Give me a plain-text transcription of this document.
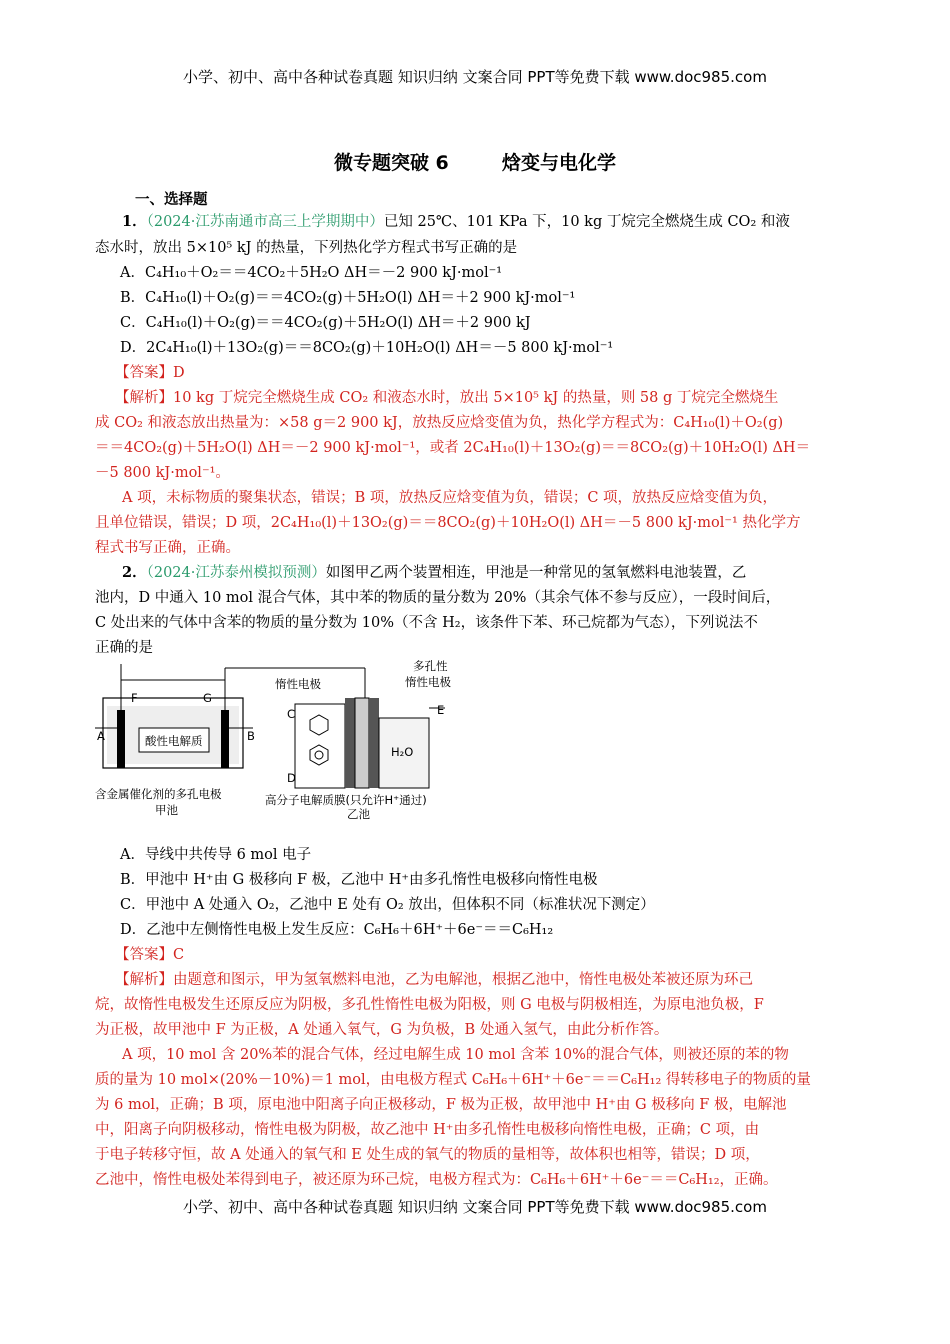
小学、初中、高中各种试卷真题 知识归纳 文案合同 PPT等免费下载 www.doc985.com
微专题突破 6	焓变与电化学
一、选择题
1．（2024·江苏南通市高三上学期期中）已知 25℃、101 KPa 下，10 kg 丁烷完全燃烧生成 CO₂ 和液
态水时，放出 5×10⁵ kJ 的热量，下列热化学方程式书写正确的是
A．C₄H₁₀＋O₂＝＝4CO₂＋5H₂O ΔH＝－2 900 kJ·mol⁻¹
B．C₄H₁₀(l)＋O₂(g)＝＝4CO₂(g)＋5H₂O(l) ΔH＝＋2 900 kJ·mol⁻¹
C．C₄H₁₀(l)＋O₂(g)＝＝4CO₂(g)＋5H₂O(l) ΔH＝＋2 900 kJ
D．2C₄H₁₀(l)＋13O₂(g)＝＝8CO₂(g)＋10H₂O(l) ΔH＝－5 800 kJ·mol⁻¹
【答案】D
【解析】10 kg 丁烷完全燃烧生成 CO₂ 和液态水时，放出 5×10⁵ kJ 的热量，则 58 g 丁烷完全燃烧生
成 CO₂ 和液态放出热量为：×58 g＝2 900 kJ，放热反应焓变值为负，热化学方程式为：C₄H₁₀(l)＋O₂(g)
＝＝4CO₂(g)＋5H₂O(l) ΔH＝－2 900 kJ·mol⁻¹，或者 2C₄H₁₀(l)＋13O₂(g)＝＝8CO₂(g)＋10H₂O(l) ΔH＝
－5 800 kJ·mol⁻¹。
A 项，未标物质的聚集状态，错误；B 项，放热反应焓变值为负，错误；C 项，放热反应焓变值为负，
且单位错误，错误；D 项，2C₄H₁₀(l)＋13O₂(g)＝＝8CO₂(g)＋10H₂O(l) ΔH＝－5 800 kJ·mol⁻¹ 热化学方
程式书写正确，正确。
2．（2024·江苏泰州模拟预测）如图甲乙两个装置相连，甲池是一种常见的氢氧燃料电池装置，乙
池内，D 中通入 10 mol 混合气体，其中苯的物质的量分数为 20%（其余气体不参与反应），一段时间后，
C 处出来的气体中含苯的物质的量分数为 10%（不含 H₂，该条件下苯、环己烷都为气态），下列说法不
正确的是
F	G
A	B
酸性电解质
含金属催化剂的多孔电极
甲池
惰性电极
多孔性
惰性电极
H₂O
C
D
E
高分子电解质膜(只允许H⁺通过)
乙池
A．导线中共传导 6 mol 电子
B．甲池中 H⁺由 G 极移向 F 极，乙池中 H⁺由多孔惰性电极移向惰性电极
C．甲池中 A 处通入 O₂，乙池中 E 处有 O₂ 放出，但体积不同（标准状况下测定）
D．乙池中左侧惰性电极上发生反应：C₆H₆＋6H⁺＋6e⁻＝＝C₆H₁₂
【答案】C
【解析】由题意和图示，甲为氢氧燃料电池，乙为电解池，根据乙池中，惰性电极处苯被还原为环己
烷，故惰性电极发生还原反应为阴极，多孔性惰性电极为阳极，则 G 电极与阴极相连，为原电池负极，F
为正极，故甲池中 F 为正极，A 处通入氧气，G 为负极，B 处通入氢气，由此分析作答。
A 项，10 mol 含 20%苯的混合气体，经过电解生成 10 mol 含苯 10%的混合气体，则被还原的苯的物
质的量为 10 mol×(20%－10%)＝1 mol，由电极方程式 C₆H₆＋6H⁺＋6e⁻＝＝C₆H₁₂ 得转移电子的物质的量
为 6 mol，正确；B 项，原电池中阳离子向正极移动，F 极为正极，故甲池中 H⁺由 G 极移向 F 极，电解池
中，阳离子向阴极移动，惰性电极为阴极，故乙池中 H⁺由多孔惰性电极移向惰性电极，正确；C 项，由
于电子转移守恒，故 A 处通入的氧气和 E 处生成的氧气的物质的量相等，故体积也相等，错误；D 项，
乙池中，惰性电极处苯得到电子，被还原为环己烷，电极方程式为：C₆H₆＋6H⁺＋6e⁻＝＝C₆H₁₂，正确。
小学、初中、高中各种试卷真题 知识归纳 文案合同 PPT等免费下载 www.doc985.com
